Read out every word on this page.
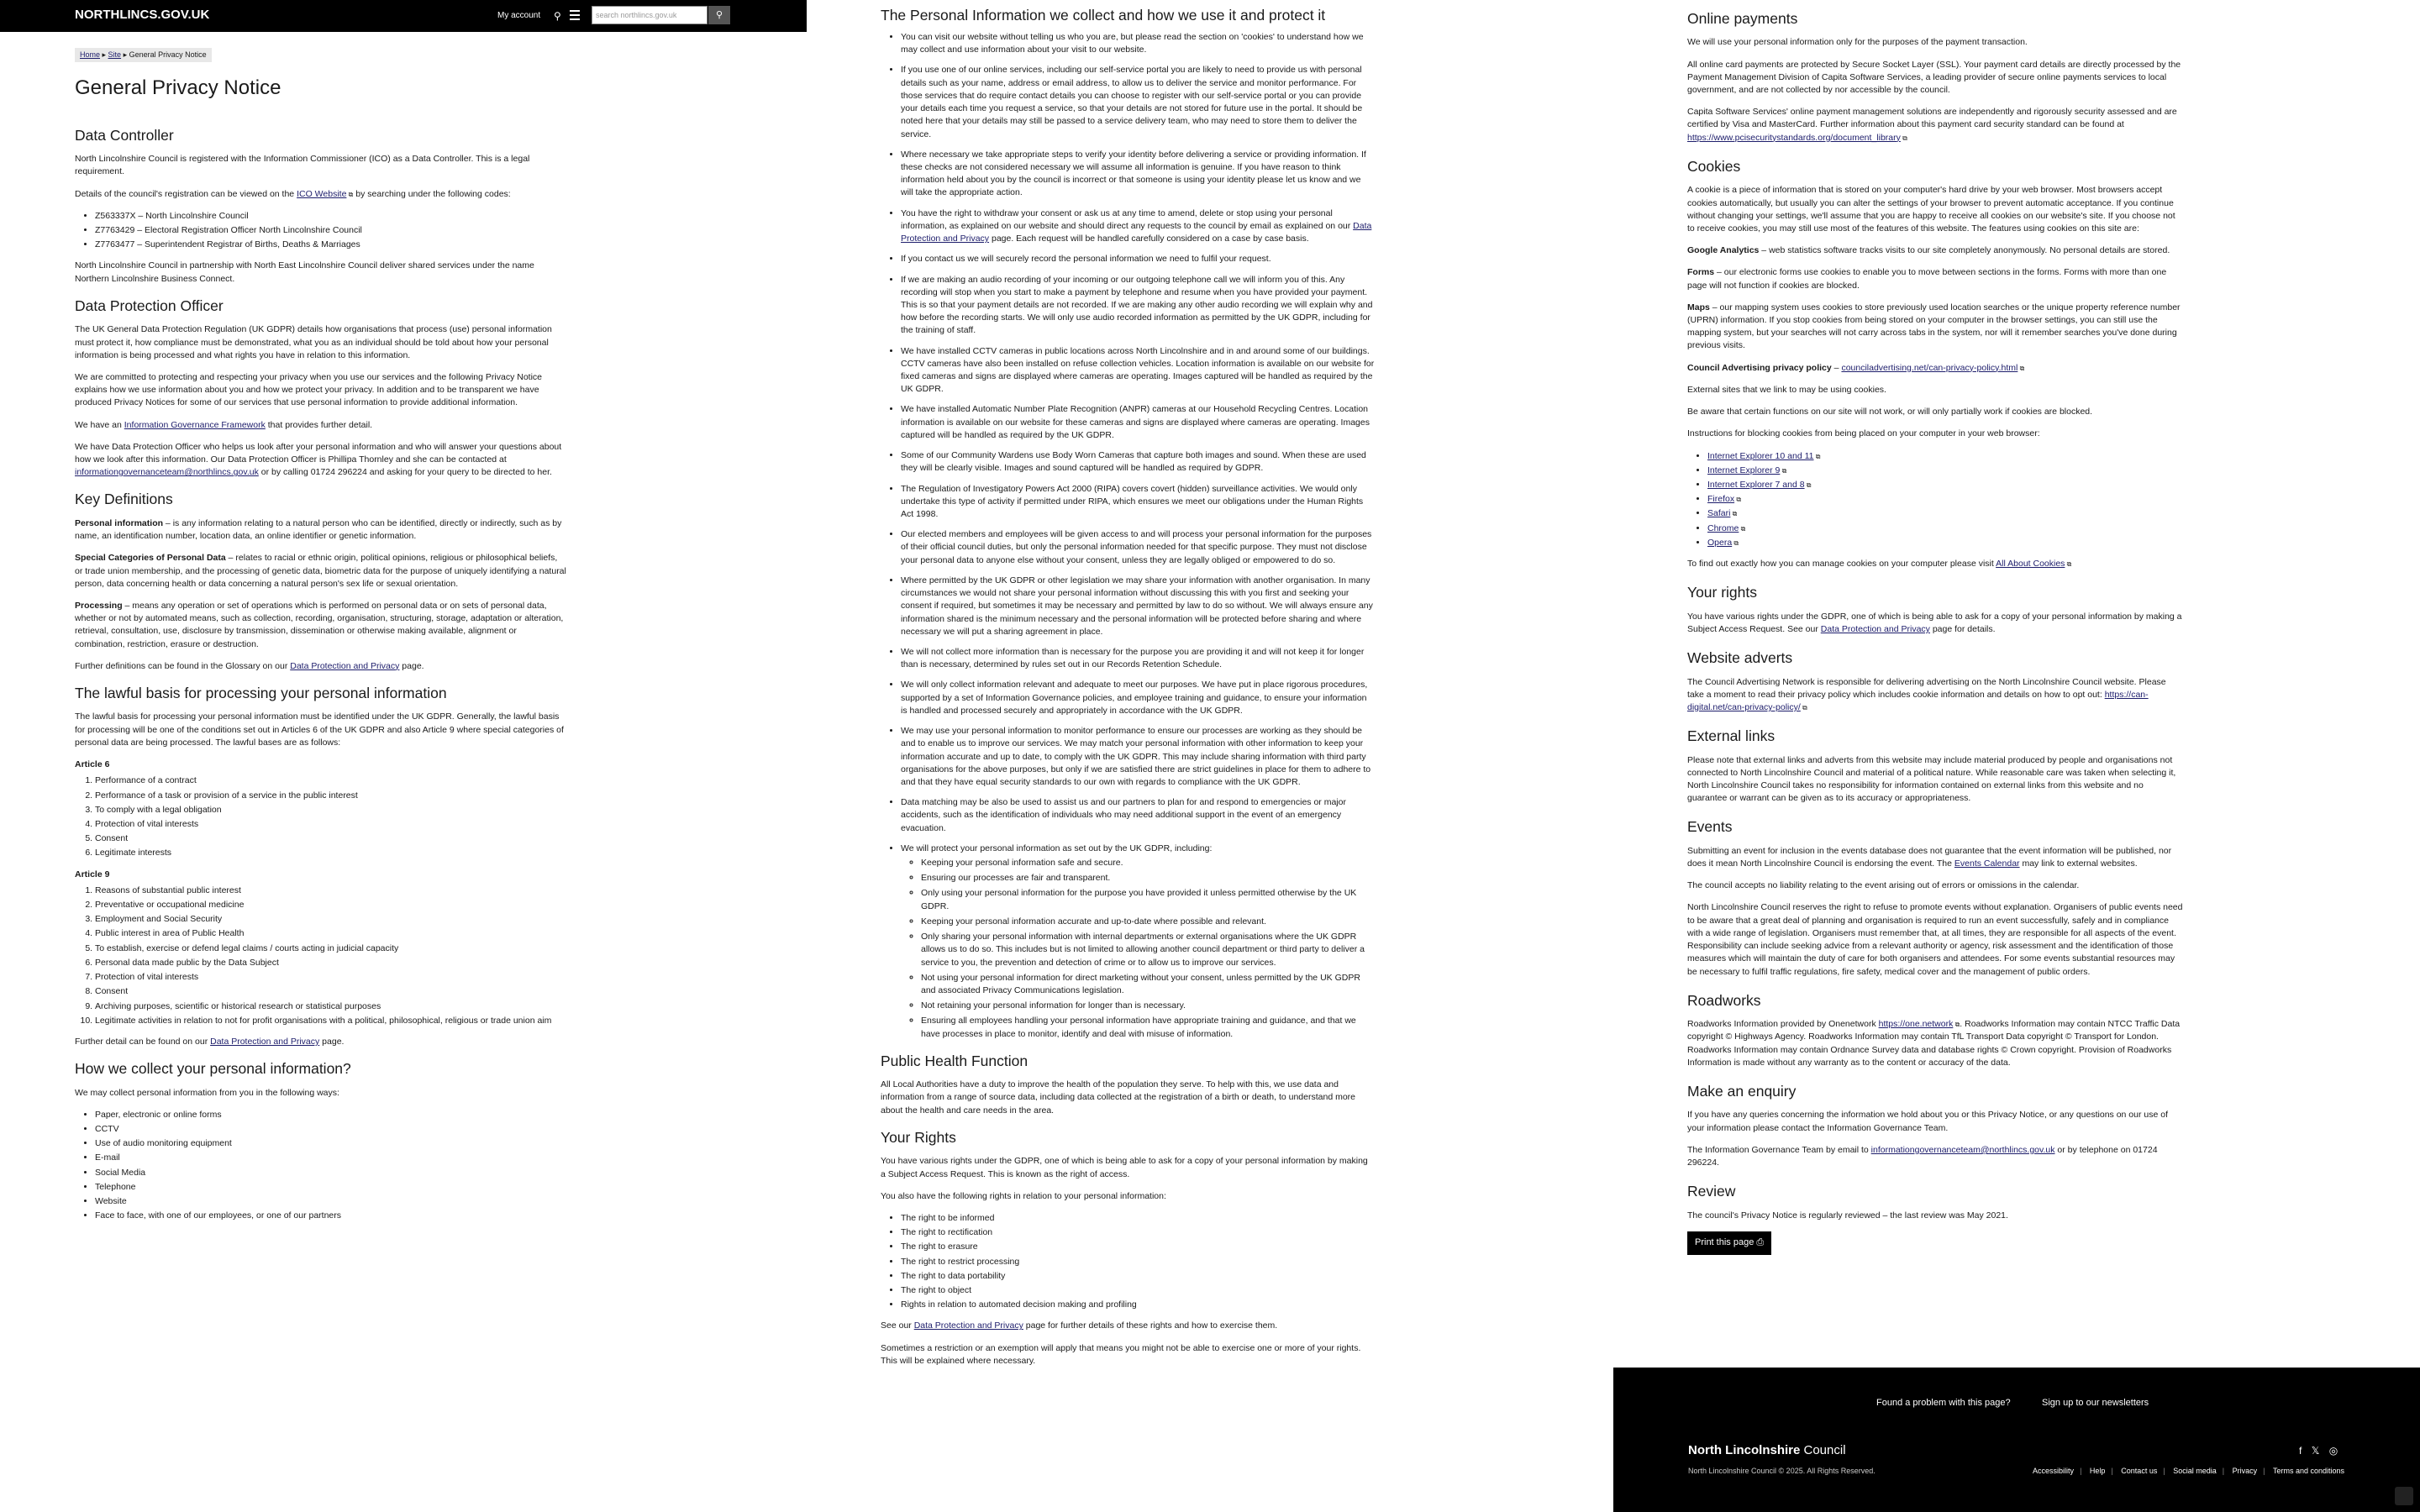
NORTHLINCS.GOV.UK	My account ⚲	search northlincs.gov.uk	⚲
Home ▸ Site ▸ General Privacy Notice
General Privacy Notice
Data Controller

North Lincolnshire Council is registered with the Information Commissioner (ICO) as a Data Controller. This is a legal requirement.

Details of the council's registration can be viewed on the ICO Website ⧉ by searching under the following codes:

• Z563337X – North Lincolnshire Council
• Z7763429 – Electoral Registration Officer North Lincolnshire Council
• Z7763477 – Superintendent Registrar of Births, Deaths & Marriages

North Lincolnshire Council in partnership with North East Lincolnshire Council deliver shared services under the name Northern Lincolnshire Business Connect.

Data Protection Officer

The UK General Data Protection Regulation (UK GDPR) details how organisations that process (use) personal information must protect it, how compliance must be demonstrated, what you as an individual should be told about how your personal information is being processed and what rights you have in relation to this information.

We are committed to protecting and respecting your privacy when you use our services and the following Privacy Notice explains how we use information about you and how we protect your privacy. In addition and to be transparent we have produced Privacy Notices for some of our services that use personal information to provide additional information.

We have an Information Governance Framework that provides further detail.

We have Data Protection Officer who helps us look after your personal information and who will answer your questions about how we look after this information. Our Data Protection Officer is Phillipa Thornley and she can be contacted at informationgovernanceteam@northlincs.gov.uk or by calling 01724 296224 and asking for your query to be directed to her.

Key Definitions

Personal information – is any information relating to a natural person who can be identified, directly or indirectly, such as by name, an identification number, location data, an online identifier or genetic information.

Special Categories of Personal Data – relates to racial or ethnic origin, political opinions, religious or philosophical beliefs, or trade union membership, and the processing of genetic data, biometric data for the purpose of uniquely identifying a natural person, data concerning health or data concerning a natural person's sex life or sexual orientation.

Processing – means any operation or set of operations which is performed on personal data or on sets of personal data, whether or not by automated means, such as collection, recording, organisation, structuring, storage, adaptation or alteration, retrieval, consultation, use, disclosure by transmission, dissemination or otherwise making available, alignment or combination, restriction, erasure or destruction.

Further definitions can be found in the Glossary on our Data Protection and Privacy page.

The lawful basis for processing your personal information

The lawful basis for processing your personal information must be identified under the UK GDPR. Generally, the lawful basis for processing will be one of the conditions set out in Articles 6 of the UK GDPR and also Article 9 where special categories of personal data are being processed. The lawful bases are as follows:

Article 6

1. Performance of a contract
2. Performance of a task or provision of a service in the public interest
3. To comply with a legal obligation
4. Protection of vital interests
5. Consent
6. Legitimate interests

Article 9

1. Reasons of substantial public interest
2. Preventative or occupational medicine
3. Employment and Social Security
4. Public interest in area of Public Health
5. To establish, exercise or defend legal claims / courts acting in judicial capacity
6. Personal data made public by the Data Subject
7. Protection of vital interests
8. Consent
9. Archiving purposes, scientific or historical research or statistical purposes
10. Legitimate activities in relation to not for profit organisations with a political, philosophical, religious or trade union aim

Further detail can be found on our Data Protection and Privacy page.

How we collect your personal information?

We may collect personal information from you in the following ways:

• Paper, electronic or online forms
• CCTV
• Use of audio monitoring equipment
• E-mail
• Social Media
• Telephone
• Website
• Face to face, with one of our employees, or one of our partners
The Personal Information we collect and how we use it and protect it
• You can visit our website without telling us who you are, but please read the section on 'cookies' to understand how we may collect and use information about your visit to our website.
• If you use one of our online services, including our self-service portal you are likely to need to provide us with personal details such as your name, address or email address, to allow us to deliver the service and monitor performance. For those services that do require contact details you can choose to register with our self-service portal or you can provide your details each time you request a service, so that your details are not stored for future use in the portal. It should be noted here that your details may still be passed to a service delivery team, who may need to store them to deliver the service.
• Where necessary we take appropriate steps to verify your identity before delivering a service or providing information. If these checks are not considered necessary we will assume all information is genuine. If you have reason to think information held about you by the council is incorrect or that someone is using your identity please let us know and we will take the appropriate action.
• You have the right to withdraw your consent or ask us at any time to amend, delete or stop using your personal information, as explained on our website and should direct any requests to the council by email as explained on our Data Protection and Privacy page. Each request will be handled carefully considered on a case by case basis.
• If you contact us we will securely record the personal information we need to fulfil your request.
• If we are making an audio recording of your incoming or our outgoing telephone call we will inform you of this. Any recording will stop when you start to make a payment by telephone and resume when you have provided your payment. This is so that your payment details are not recorded. If we are making any other audio recording we will explain why and how before the recording starts. We will only use audio recorded information as permitted by the UK GDPR, including for the training of staff.
• We have installed CCTV cameras in public locations across North Lincolnshire and in and around some of our buildings. CCTV cameras have also been installed on refuse collection vehicles. Location information is available on our website for fixed cameras and signs are displayed where cameras are operating. Images captured will be handled as required by the UK GDPR.
• We have installed Automatic Number Plate Recognition (ANPR) cameras at our Household Recycling Centres. Location information is available on our website for these cameras and signs are displayed where cameras are operating. Images captured will be handled as required by the UK GDPR.
• Some of our Community Wardens use Body Worn Cameras that capture both images and sound. When these are used they will be clearly visible. Images and sound captured will be handled as required by GDPR.
• The Regulation of Investigatory Powers Act 2000 (RIPA) covers covert (hidden) surveillance activities. We would only undertake this type of activity if permitted under RIPA, which ensures we meet our obligations under the Human Rights Act 1998.
• Our elected members and employees will be given access to and will process your personal information for the purposes of their official council duties, but only the personal information needed for that specific purpose. They must not disclose your personal data to anyone else without your consent, unless they are legally obliged or empowered to do so.
• Where permitted by the UK GDPR or other legislation we may share your information with another organisation. In many circumstances we would not share your personal information without discussing this with you first and seeking your consent if required, but sometimes it may be necessary and permitted by law to do so without. We will always ensure any information shared is the minimum necessary and the personal information will be protected before sharing and where necessary we will put a sharing agreement in place.
• We will not collect more information than is necessary for the purpose you are providing it and will not keep it for longer than is necessary, determined by rules set out in our Records Retention Schedule.
• We will only collect information relevant and adequate to meet our purposes. We have put in place rigorous procedures, supported by a set of Information Governance policies, and employee training and guidance, to ensure your information is handled and processed securely and appropriately in accordance with the UK GDPR.
• We may use your personal information to monitor performance to ensure our processes are working as they should be and to enable us to improve our services. We may match your personal information with other information to keep your information accurate and up to date, to comply with the UK GDPR. This may include sharing information with third party organisations for the above purposes, but only if we are satisfied there are strict guidelines in place for them to adhere to and that they have equal security standards to our own with regards to compliance with the UK GDPR.
• Data matching may be also be used to assist us and our partners to plan for and respond to emergencies or major accidents, such as the identification of individuals who may need additional support in the event of an emergency evacuation.
• We will protect your personal information as set out by the UK GDPR, including:
◦ Keeping your personal information safe and secure.
◦ Ensuring our processes are fair and transparent.
◦ Only using your personal information for the purpose you have provided it unless permitted otherwise by the UK GDPR.
◦ Keeping your personal information accurate and up-to-date where possible and relevant.
◦ Only sharing your personal information with internal departments or external organisations where the UK GDPR allows us to do so. This includes but is not limited to allowing another council department or third party to deliver a service to you, the prevention and detection of crime or to allow us to improve our services.
◦ Not using your personal information for direct marketing without your consent, unless permitted by the UK GDPR and associated Privacy Communications legislation.
◦ Not retaining your personal information for longer than is necessary.
◦ Ensuring all employees handling your personal information have appropriate training and guidance, and that we have processes in place to monitor, identify and deal with misuse of information.
Public Health Function

All Local Authorities have a duty to improve the health of the population they serve. To help with this, we use data and information from a range of source data, including data collected at the registration of a birth or death, to understand more about the health and care needs in the area.

Your Rights

You have various rights under the GDPR, one of which is being able to ask for a copy of your personal information by making a Subject Access Request. This is known as the right of access.

You also have the following rights in relation to your personal information:

• The right to be informed
• The right to rectification
• The right to erasure
• The right to restrict processing
• The right to data portability
• The right to object
• Rights in relation to automated decision making and profiling

See our Data Protection and Privacy page for further details of these rights and how to exercise them.

Sometimes a restriction or an exemption will apply that means you might not be able to exercise one or more of your rights. This will be explained where necessary.

Online payments

We will use your personal information only for the purposes of the payment transaction.

All online card payments are protected by Secure Socket Layer (SSL). Your payment card details are directly processed by the Payment Management Division of Capita Software Services, a leading provider of secure online payments services to local government, and are not collected by nor accessible by the council.

Capita Software Services' online payment management solutions are independently and rigorously security assessed and are certified by Visa and MasterCard. Further information about this payment card security standard can be found at https://www.pcisecuritystandards.org/document_library ⧉

Cookies

A cookie is a piece of information that is stored on your computer's hard drive by your web browser. Most browsers accept cookies automatically, but usually you can alter the settings of your browser to prevent automatic acceptance. If you continue without changing your settings, we'll assume that you are happy to receive all cookies on our website's site. If you choose not to receive cookies, you may still use most of the features of this website. The features using cookies on this site are:

Google Analytics – web statistics software tracks visits to our site completely anonymously. No personal details are stored.

Forms – our electronic forms use cookies to enable you to move between sections in the forms. Forms with more than one page will not function if cookies are blocked.

Maps – our mapping system uses cookies to store previously used location searches or the unique property reference number (UPRN) information. If you stop cookies from being stored on your computer in the browser settings, you can still use the mapping system, but your searches will not carry across tabs in the system, nor will it remember searches you've done during previous visits.

Council Advertising privacy policy – counciladvertising.net/can-privacy-policy.html ⧉

External sites that we link to may be using cookies.

Be aware that certain functions on our site will not work, or will only partially work if cookies are blocked.

Instructions for blocking cookies from being placed on your computer in your web browser:

• Internet Explorer 10 and 11 ⧉
• Internet Explorer 9 ⧉
• Internet Explorer 7 and 8 ⧉
• Firefox ⧉
• Safari ⧉
• Chrome ⧉
• Opera ⧉

To find out exactly how you can manage cookies on your computer please visit All About Cookies ⧉

Your rights

You have various rights under the GDPR, one of which is being able to ask for a copy of your personal information by making a Subject Access Request. See our Data Protection and Privacy page for details.

Website adverts

The Council Advertising Network is responsible for delivering advertising on the North Lincolnshire Council website. Please take a moment to read their privacy policy which includes cookie information and details on how to opt out: https://can-digital.net/can-privacy-policy/ ⧉

External links

Please note that external links and adverts from this website may include material produced by people and organisations not connected to North Lincolnshire Council and material of a political nature. While reasonable care was taken when selecting it, North Lincolnshire Council takes no responsibility for information contained on external links from this website and no guarantee or warrant can be given as to its accuracy or appropriateness.

Events

Submitting an event for inclusion in the events database does not guarantee that the event information will be published, nor does it mean North Lincolnshire Council is endorsing the event. The Events Calendar may link to external websites.

The council accepts no liability relating to the event arising out of errors or omissions in the calendar.

North Lincolnshire Council reserves the right to refuse to promote events without explanation. Organisers of public events need to be aware that a great deal of planning and organisation is required to run an event successfully, safely and in compliance with a wide range of legislation. Organisers must remember that, at all times, they are responsible for all aspects of the event. Responsibility can include seeking advice from a relevant authority or agency, risk assessment and the identification of those measures which will maintain the duty of care for both organisers and attendees. For some events substantial resources may be necessary to fulfil traffic regulations, fire safety, medical cover and the management of public orders.

Roadworks

Roadworks Information provided by Onenetwork https://one.network ⧉. Roadworks Information may contain NTCC Traffic Data copyright © Highways Agency. Roadworks Information may contain TfL Transport Data copyright © Transport for London. Roadworks Information may contain Ordnance Survey data and database rights © Crown copyright. Provision of Roadworks Information is made without any warranty as to the content or accuracy of the data.

Make an enquiry

If you have any queries concerning the information we hold about you or this Privacy Notice, or any questions on our use of your information please contact the Information Governance Team.

The Information Governance Team by email to informationgovernanceteam@northlincs.gov.uk or by telephone on 01724 296224.

Review

The council's Privacy Notice is regularly reviewed – the last review was May 2021.

Print this page ⎙
Found a problem with this page?	Sign up to our newsletters
North Lincolnshire Council
North Lincolnshire Council © 2025. All Rights Reserved.
f 𝕏 ◎
Accessibility | Help | Contact us | Social media | Privacy | Terms and conditions
